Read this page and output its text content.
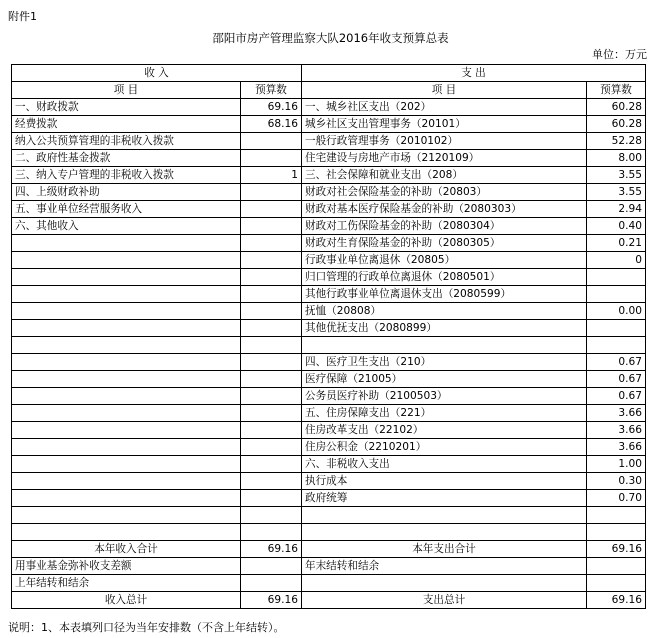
附件1
邵阳市房产管理监察大队2016年收支预算总表
单位：万元
收 入		支 出	
项 目	预算数	项 目	预算数
一、财政拨款	69.16	一、城乡社区支出（202）	60.28
经费拨款	68.16	城乡社区支出管理事务（20101）	60.28
纳入公共预算管理的非税收入拨款		一般行政管理事务（2010102）	52.28
二、政府性基金拨款		住宅建设与房地产市场（2120109）	8.00
三、纳入专户管理的非税收入拨款	1	三、社会保障和就业支出（208）	3.55
四、上级财政补助		财政对社会保险基金的补助（20803）	3.55
五、事业单位经营服务收入		财政对基本医疗保险基金的补助（2080303）	2.94
六、其他收入		财政对工伤保险基金的补助（2080304）	0.40
		财政对生育保险基金的补助（2080305）	0.21
		行政事业单位离退休（20805）	0
		归口管理的行政单位离退休（2080501）	
		其他行政事业单位离退休支出（2080599）	
		抚恤（20808）	0.00
		其他优抚支出（2080899）	

		四、医疗卫生支出（210）	0.67
		医疗保障（21005）	0.67
		公务员医疗补助（2100503）	0.67
		五、住房保障支出（221）	3.66
		住房改革支出（22102）	3.66
		住房公积金（2210201）	3.66
		六、非税收入支出	1.00
		执行成本	0.30
		政府统筹	0.70

本年收入合计	69.16	本年支出合计	69.16
用事业基金弥补收支差额		年末结转和结余	
上年结转和结余			
收入总计	69.16	支出总计	69.16
说明：1、本表填列口径为当年安排数（不含上年结转）。
